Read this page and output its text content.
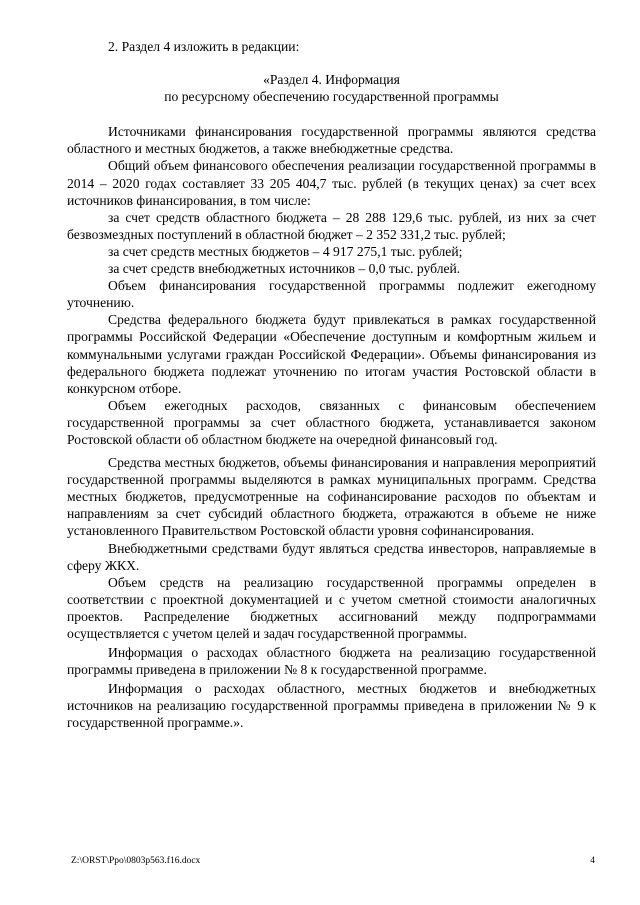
2. Раздел 4 изложить в редакции:

«Раздел 4. Информация
по ресурсному обеспечению государственной программы

Источниками финансирования государственной программы являются средства областного и местных бюджетов, а также внебюджетные средства.

Общий объем финансового обеспечения реализации государственной программы в 2014 – 2020 годах составляет 33 205 404,7 тыс. рублей (в текущих ценах) за счет всех источников финансирования, в том числе:

за счет средств областного бюджета – 28 288 129,6 тыс. рублей, из них за счет безвозмездных поступлений в областной бюджет – 2 352 331,2 тыс. рублей;

за счет средств местных бюджетов – 4 917 275,1 тыс. рублей;

за счет средств внебюджетных источников – 0,0 тыс. рублей.

Объем финансирования государственной программы подлежит ежегодному уточнению.

Средства федерального бюджета будут привлекаться в рамках государственной программы Российской Федерации «Обеспечение доступным и комфортным жильем и коммунальными услугами граждан Российской Федерации». Объемы финансирования из федерального бюджета подлежат уточнению по итогам участия Ростовской области в конкурсном отборе.

Объем ежегодных расходов, связанных с финансовым обеспечением государственной программы за счет областного бюджета, устанавливается законом Ростовской области об областном бюджете на очередной финансовый год.

Средства местных бюджетов, объемы финансирования и направления мероприятий государственной программы выделяются в рамках муниципальных программ. Средства местных бюджетов, предусмотренные на софинансирование расходов по объектам и направлениям за счет субсидий областного бюджета, отражаются в объеме не ниже установленного Правительством Ростовской области уровня софинансирования.

Внебюджетными средствами будут являться средства инвесторов, направляемые в сферу ЖКХ.

Объем средств на реализацию государственной программы определен в соответствии с проектной документацией и с учетом сметной стоимости аналогичных проектов. Распределение бюджетных ассигнований между подпрограммами осуществляется с учетом целей и задач государственной программы.

Информация о расходах областного бюджета на реализацию государственной программы приведена в приложении № 8 к государственной программе.

Информация о расходах областного, местных бюджетов и внебюджетных источников на реализацию государственной программы приведена в приложении № 9 к государственной программе.».

Z:\ORST\Ppo\0803p563.f16.docx	4
